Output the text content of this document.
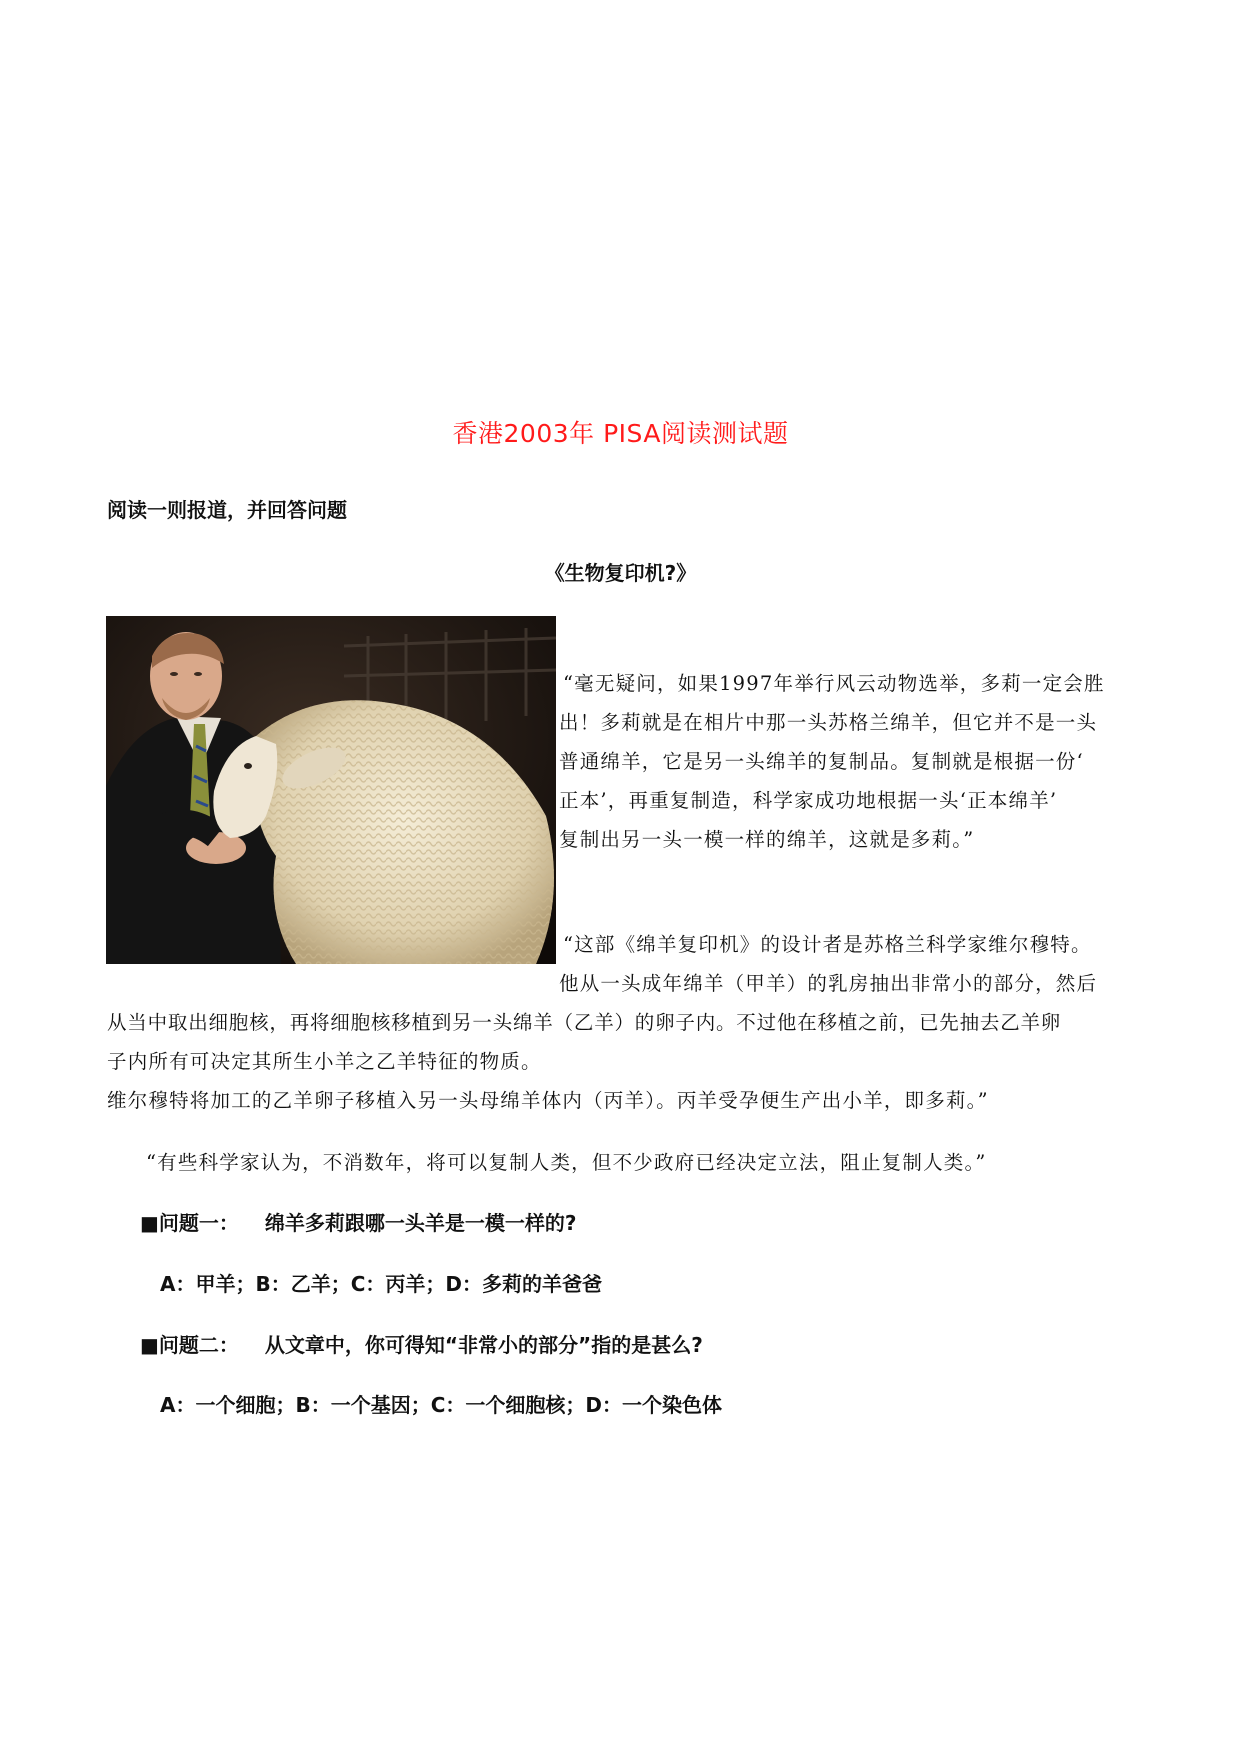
香港2003年 PISA阅读测试题
阅读一则报道，并回答问题
《生物复印机?》
“毫无疑问，如果1997年举行风云动物选举，多莉一定会胜
出！多莉就是在相片中那一头苏格兰绵羊，但它并不是一头
普通绵羊，它是另一头绵羊的复制品。复制就是根据一份‘
正本’，再重复制造，科学家成功地根据一头‘正本绵羊’
复制出另一头一模一样的绵羊，这就是多莉。”
“这部《绵羊复印机》的设计者是苏格兰科学家维尔穆特。
他从一头成年绵羊（甲羊）的乳房抽出非常小的部分，然后
从当中取出细胞核，再将细胞核移植到另一头绵羊（乙羊）的卵子内。不过他在移植之前，已先抽去乙羊卵
子内所有可决定其所生小羊之乙羊特征的物质。
维尔穆特将加工的乙羊卵子移植入另一头母绵羊体内（丙羊）。丙羊受孕便生产出小羊，即多莉。”
“有些科学家认为，不消数年，将可以复制人类，但不少政府已经决定立法，阻止复制人类。”
■问题一： 绵羊多莉跟哪一头羊是一模一样的?
A：甲羊；B：乙羊；C：丙羊；D：多莉的羊爸爸
■问题二： 从文章中，你可得知“非常小的部分”指的是甚么?
A：一个细胞；B：一个基因；C：一个细胞核；D：一个染色体
